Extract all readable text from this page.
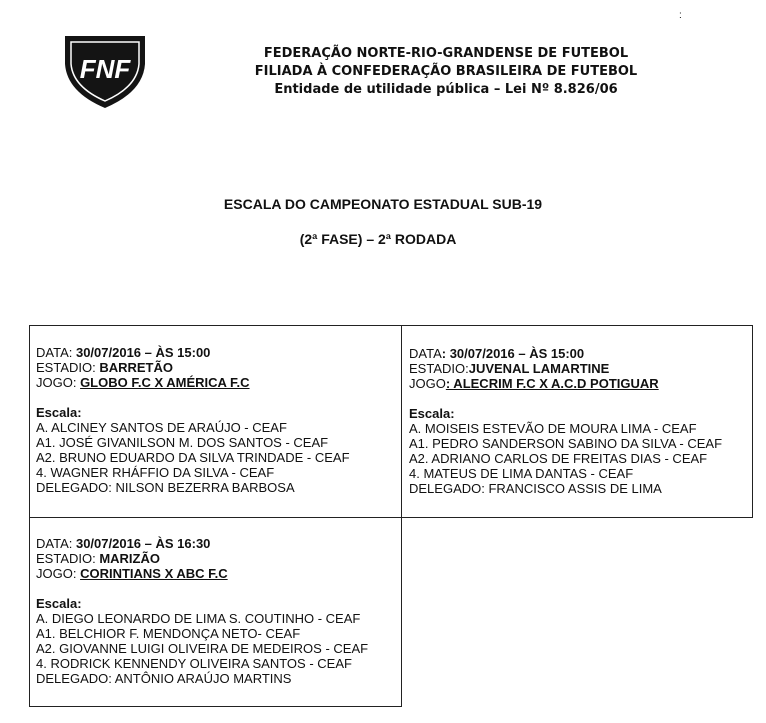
:
FNF
FEDERAÇÃO NORTE-RIO-GRANDENSE DE FUTEBOL
FILIADA À CONFEDERAÇÃO BRASILEIRA DE FUTEBOL
Entidade de utilidade pública – Lei Nº 8.826/06
ESCALA DO CAMPEONATO ESTADUAL SUB-19
(2ª FASE) – 2ª RODADA
DATA: 30/07/2016 – ÀS 15:00
ESTADIO: BARRETÃO
JOGO: GLOBO F.C X AMÉRICA F.C
Escala:
A. ALCINEY SANTOS DE ARAÚJO - CEAF
A1. JOSÉ GIVANILSON M. DOS SANTOS - CEAF
A2. BRUNO EDUARDO DA SILVA TRINDADE - CEAF
4. WAGNER RHÁFFIO DA SILVA - CEAF
DELEGADO: NILSON BEZERRA BARBOSA
DATA: 30/07/2016 – ÀS 15:00
ESTADIO:JUVENAL LAMARTINE
JOGO: ALECRIM F.C X A.C.D POTIGUAR
Escala:
A. MOISEIS ESTEVÃO DE MOURA LIMA - CEAF
A1. PEDRO SANDERSON SABINO DA SILVA - CEAF
A2. ADRIANO CARLOS DE FREITAS DIAS - CEAF
4. MATEUS DE LIMA DANTAS - CEAF
DELEGADO: FRANCISCO ASSIS DE LIMA
DATA: 30/07/2016 – ÀS 16:30
ESTADIO: MARIZÃO
JOGO: CORINTIANS X ABC F.C
Escala:
A. DIEGO LEONARDO DE LIMA S. COUTINHO - CEAF
A1. BELCHIOR F. MENDONÇA NETO- CEAF
A2. GIOVANNE LUIGI OLIVEIRA DE MEDEIROS - CEAF
4. RODRICK KENNENDY OLIVEIRA SANTOS - CEAF
DELEGADO: ANTÔNIO ARAÚJO MARTINS
